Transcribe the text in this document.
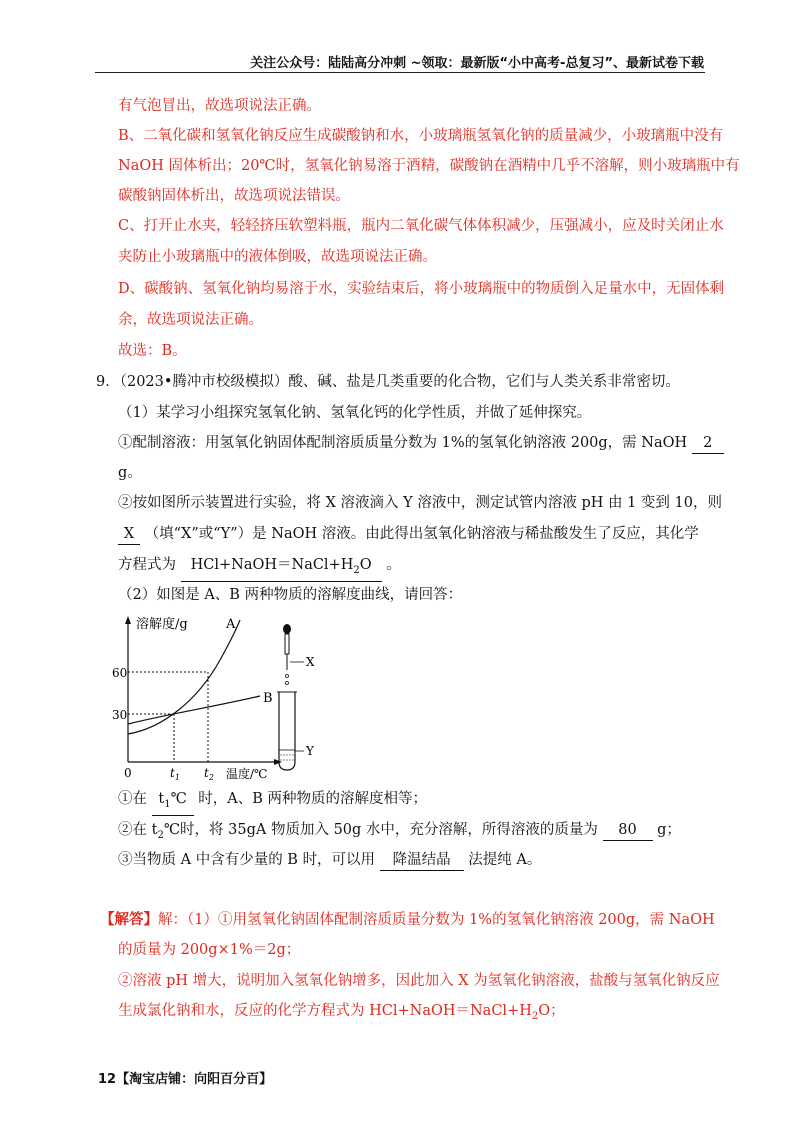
关注公众号：陆陆高分冲刺 ~领取：最新版“小中高考-总复习”、最新试卷下载
有气泡冒出，故选项说法正确。
B、二氧化碳和氢氧化钠反应生成碳酸钠和水，小玻璃瓶氢氧化钠的质量减少，小玻璃瓶中没有
NaOH 固体析出；20℃时，氢氧化钠易溶于酒精，碳酸钠在酒精中几乎不溶解，则小玻璃瓶中有
碳酸钠固体析出，故选项说法错误。
C、打开止水夹，轻轻挤压软塑料瓶，瓶内二氧化碳气体体积减少，压强减小，应及时关闭止水
夹防止小玻璃瓶中的液体倒吸，故选项说法正确。
D、碳酸钠、氢氧化钠均易溶于水，实验结束后，将小玻璃瓶中的物质倒入足量水中，无固体剩
余，故选项说法正确。
故选：B。
9．（2023•腾冲市校级模拟）酸、碱、盐是几类重要的化合物，它们与人类关系非常密切。
（1）某学习小组探究氢氧化钠、氢氧化钙的化学性质，并做了延伸探究。
①配制溶液：用氢氧化钠固体配制溶质质量分数为 1%的氢氧化钠溶液 200g，需 NaOH 2
g。
②按如图所示装置进行实验，将 X 溶液滴入 Y 溶液中，测定试管内溶液 pH 由 1 变到 10，则
X （填“X”或“Y”）是 NaOH 溶液。由此得出氢氧化钠溶液与稀盐酸发生了反应，其化学
方程式为 $HCl+NaOH=NaCl+H_2O$ 。
（2）如图是 A、B 两种物质的溶解度曲线，请回答：
溶解度/g	A
B
60
30
0	$t_1$ $t_2$ 温度/℃
X
Y
①在 $t_1℃$ 时，A、B 两种物质的溶解度相等；
②在 $t_2℃$时，将 35gA 物质加入 50g 水中，充分溶解，所得溶液的质量为 80 g；
③当物质 A 中含有少量的 B 时，可以用 降温结晶 法提纯 A。
【解答】解：（1）①用氢氧化钠固体配制溶质质量分数为 1%的氢氧化钠溶液 200g，需 NaOH
的质量为 200g×1%＝2g；
②溶液 pH 增大，说明加入氢氧化钠增多，因此加入 X 为氢氧化钠溶液，盐酸与氢氧化钠反应
生成氯化钠和水，反应的化学方程式为 $HCl+NaOH=NaCl+H_2O$；
12【淘宝店铺：向阳百分百】
